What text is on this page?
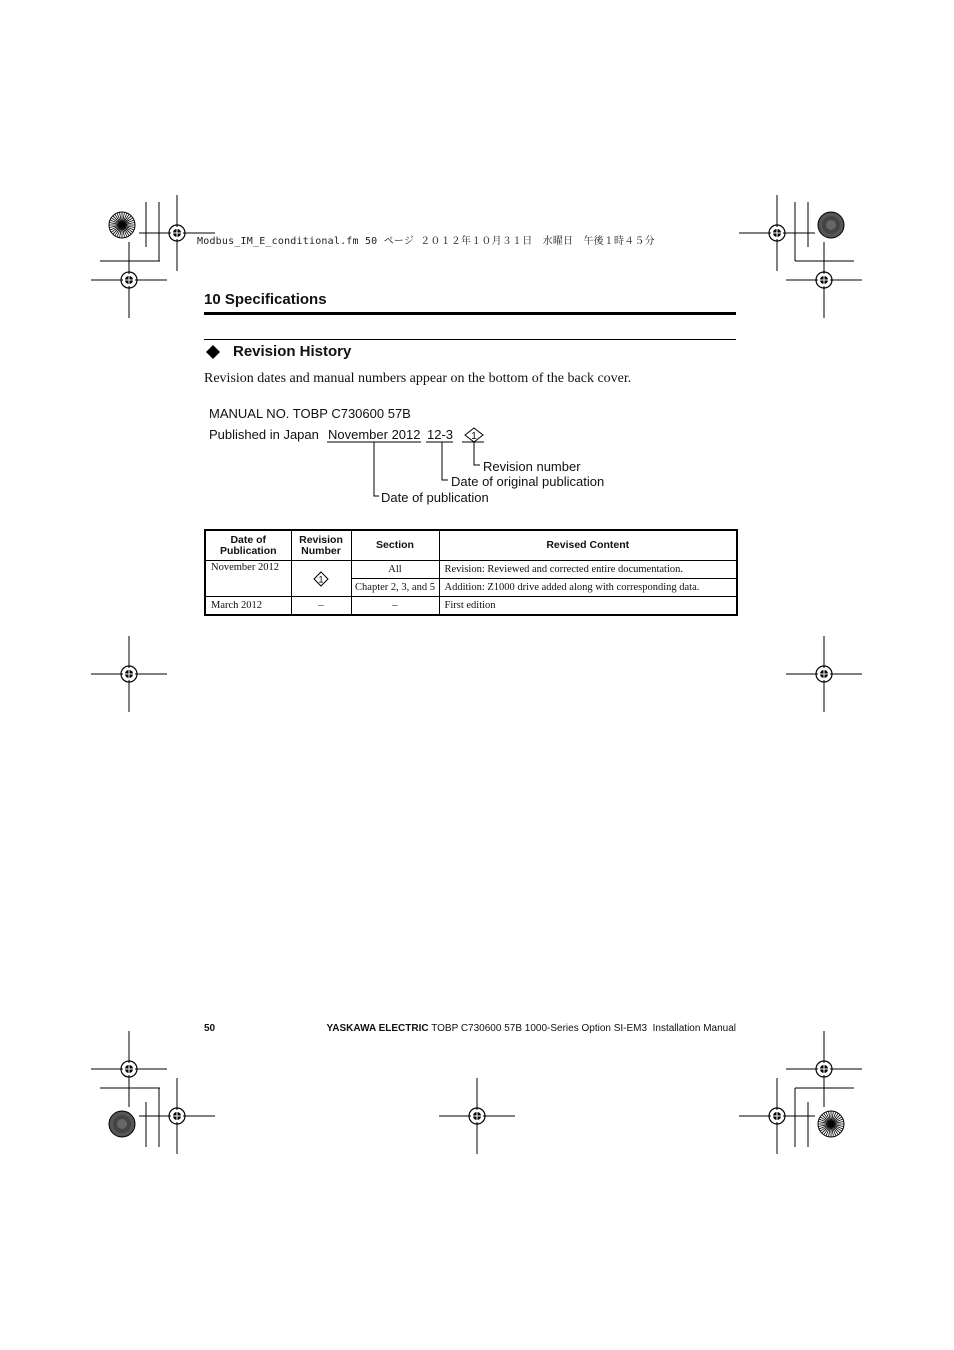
Modbus_IM_E_conditional.fm 50 ページ ２０１２年１０月３１日　水曜日　午後１時４５分
10 Specifications
Revision History
Revision dates and manual numbers appear on the bottom of the back cover.
MANUAL NO. TOBP C730600 57B
Published in Japan November 2012 12-3 1
Revision number
Date of original publication
Date of publication
Date of Publication	Revision Number	Section	Revised Content
November 2012	1	All	Revision: Reviewed and corrected entire documentation.
		Chapter 2, 3, and 5	Addition: Z1000 drive added along with corresponding data.
March 2012	–	–	First edition
50	YASKAWA ELECTRIC TOBP C730600 57B 1000-Series Option SI-EM3  Installation Manual
